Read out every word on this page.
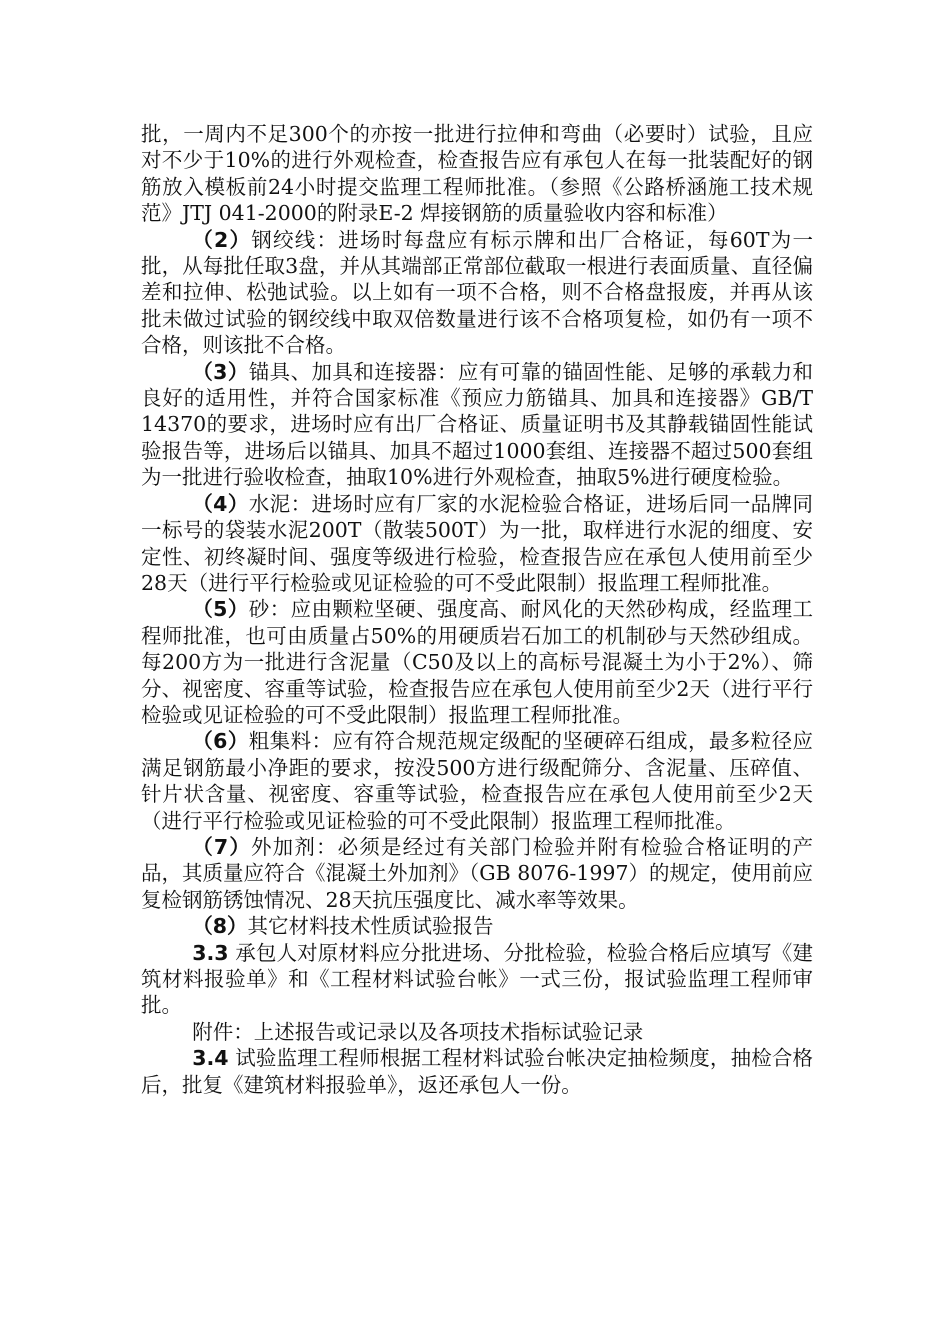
批，一周内不足300个的亦按一批进行拉伸和弯曲（必要时）试验，且应对不少于10%的进行外观检查，检查报告应有承包人在每一批装配好的钢筋放入模板前24小时提交监理工程师批准。（参照《公路桥涵施工技术规范》JTJ 041-2000的附录E-2 焊接钢筋的质量验收内容和标准）

（2）钢绞线：进场时每盘应有标示牌和出厂合格证，每60T为一批，从每批任取3盘，并从其端部正常部位截取一根进行表面质量、直径偏差和拉伸、松弛试验。以上如有一项不合格，则不合格盘报废，并再从该批未做过试验的钢绞线中取双倍数量进行该不合格项复检，如仍有一项不合格，则该批不合格。

（3）锚具、加具和连接器：应有可靠的锚固性能、足够的承载力和良好的适用性，并符合国家标准《预应力筋锚具、加具和连接器》GB/T 14370的要求，进场时应有出厂合格证、质量证明书及其静载锚固性能试验报告等，进场后以锚具、加具不超过1000套组、连接器不超过500套组为一批进行验收检查，抽取10%进行外观检查，抽取5%进行硬度检验。

（4）水泥：进场时应有厂家的水泥检验合格证，进场后同一品牌同一标号的袋装水泥200T（散装500T）为一批，取样进行水泥的细度、安定性、初终凝时间、强度等级进行检验，检查报告应在承包人使用前至少28天（进行平行检验或见证检验的可不受此限制）报监理工程师批准。

（5）砂：应由颗粒坚硬、强度高、耐风化的天然砂构成，经监理工程师批准，也可由质量占50%的用硬质岩石加工的机制砂与天然砂组成。每200方为一批进行含泥量（C50及以上的高标号混凝土为小于2%）、筛分、视密度、容重等试验，检查报告应在承包人使用前至少2天（进行平行检验或见证检验的可不受此限制）报监理工程师批准。

（6）粗集料：应有符合规范规定级配的坚硬碎石组成，最多粒径应满足钢筋最小净距的要求，按没500方进行级配筛分、含泥量、压碎值、针片状含量、视密度、容重等试验，检查报告应在承包人使用前至少2天（进行平行检验或见证检验的可不受此限制）报监理工程师批准。

（7）外加剂：必须是经过有关部门检验并附有检验合格证明的产品，其质量应符合《混凝土外加剂》（GB 8076-1997）的规定，使用前应复检钢筋锈蚀情况、28天抗压强度比、减水率等效果。

（8）其它材料技术性质试验报告

3.3 承包人对原材料应分批进场、分批检验，检验合格后应填写《建筑材料报验单》和《工程材料试验台帐》一式三份，报试验监理工程师审批。

附件：上述报告或记录以及各项技术指标试验记录

3.4 试验监理工程师根据工程材料试验台帐决定抽检频度，抽检合格后，批复《建筑材料报验单》，返还承包人一份。
